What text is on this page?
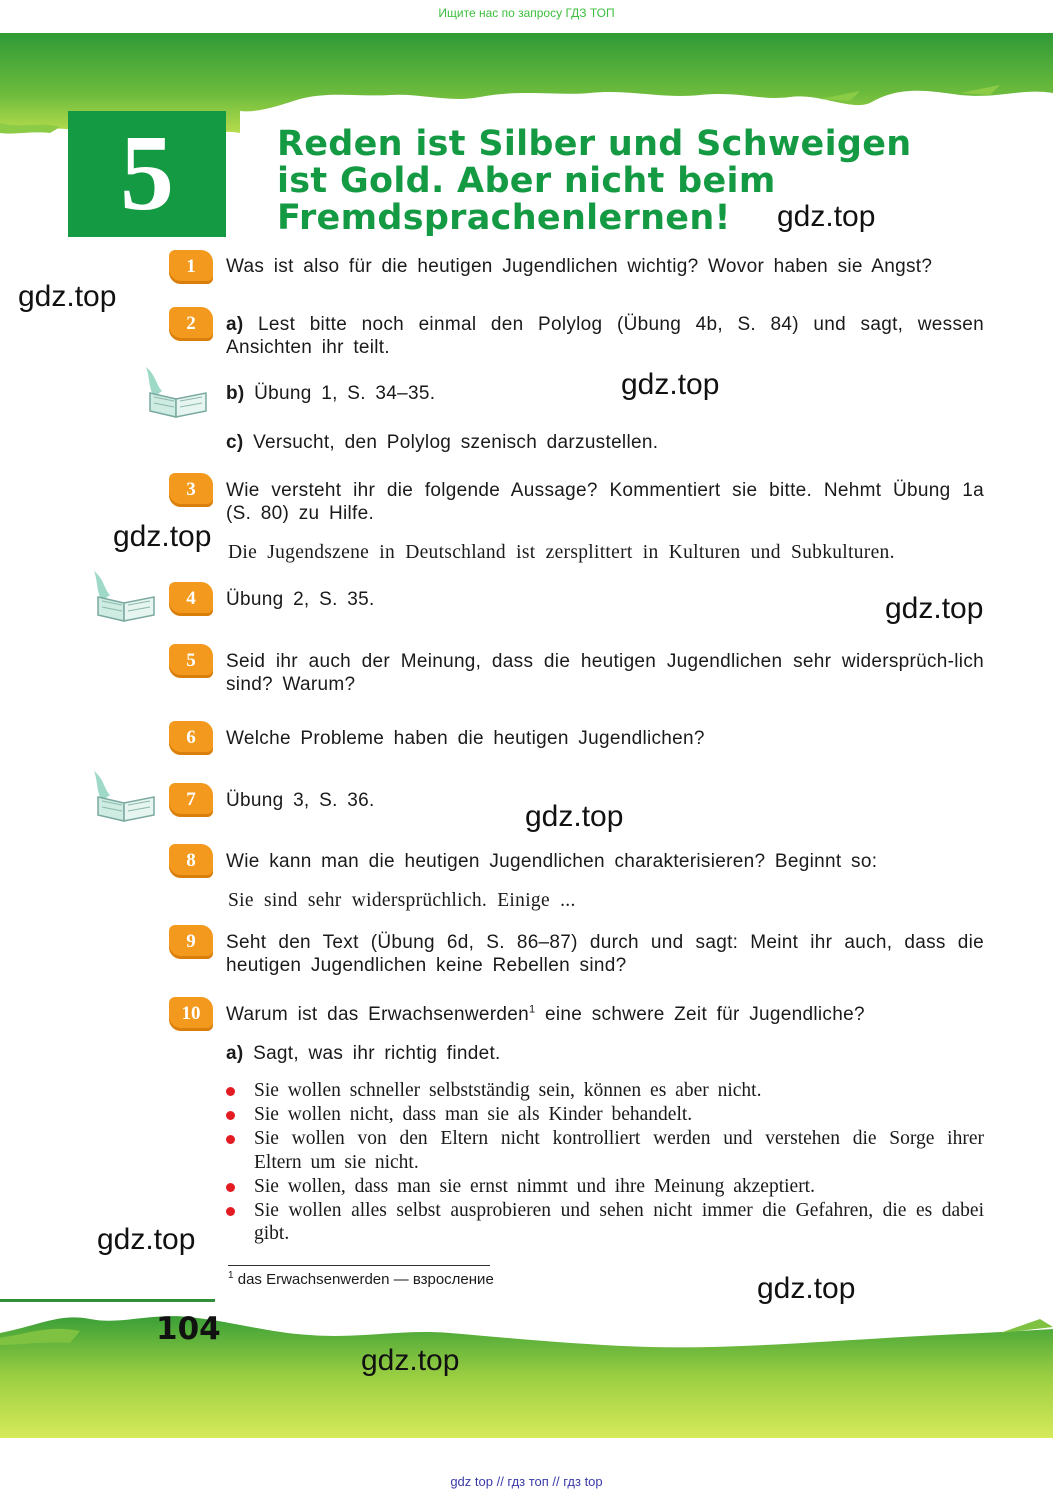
Ищите нас по запросу ГДЗ ТОП
5	Reden ist Silber und Schweigen
ist Gold. Aber nicht beim
Fremdsprachenlernen!
1	Was ist also für die heutigen Jugendlichen wichtig? Wovor haben sie Angst?
2	a) Lest bitte noch einmal den Polylog (Übung 4b, S. 84) und sagt, wessen Ansichten ihr teilt.
b) Übung 1, S. 34–35.
c) Versucht, den Polylog szenisch darzustellen.
3	Wie versteht ihr die folgende Aussage? Kommentiert sie bitte. Nehmt Übung 1a (S. 80) zu Hilfe.
Die Jugendszene in Deutschland ist zersplittert in Kulturen und Subkulturen.
4	Übung 2, S. 35.
5	Seid ihr auch der Meinung, dass die heutigen Jugendlichen sehr widersprüch-lich sind? Warum?
6	Welche Probleme haben die heutigen Jugendlichen?
7	Übung 3, S. 36.
8	Wie kann man die heutigen Jugendlichen charakterisieren? Beginnt so:
Sie sind sehr widersprüchlich. Einige ...
9	Seht den Text (Übung 6d, S. 86–87) durch und sagt: Meint ihr auch, dass die heutigen Jugendlichen keine Rebellen sind?
10	Warum ist das Erwachsenwerden$^1$ eine schwere Zeit für Jugendliche?
a) Sagt, was ihr richtig findet.
Sie wollen schneller selbstständig sein, können es aber nicht.
Sie wollen nicht, dass man sie als Kinder behandelt.
Sie wollen von den Eltern nicht kontrolliert werden und verstehen die Sorge ihrer Eltern um sie nicht.
Sie wollen, dass man sie ernst nimmt und ihre Meinung akzeptiert.
Sie wollen alles selbst ausprobieren und sehen nicht immer die Gefahren, die es dabei gibt.
$^1$ das Erwachsenwerden — взросление
104
gdz.top
gdz.top
gdz.top
gdz.top
gdz.top
gdz.top
gdz.top
gdz.top
gdz.top
gdz top // гдз топ // гдз top
